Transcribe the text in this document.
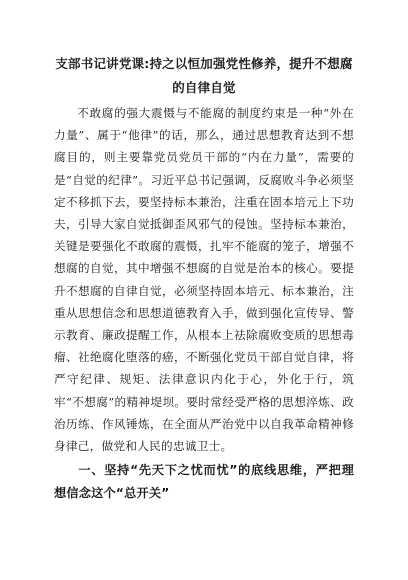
支部书记讲党课:持之以恒加强党性修养，提升不想腐的自律自觉

不敢腐的强大震慑与不能腐的制度约束是一种“外在力量”、属于“他律”的话，那么，通过思想教育达到不想腐目的，则主要靠党员党员干部的“内在力量”，需要的是“自觉的纪律”。习近平总书记强调，反腐败斗争必须坚定不移抓下去，要坚持标本兼治，注重在固本培元上下功夫，引导大家自觉抵御歪风邪气的侵蚀。坚持标本兼治，关键是要强化不敢腐的震慑，扎牢不能腐的笼子，增强不想腐的自觉，其中增强不想腐的自觉是治本的核心。要提升不想腐的自律自觉，必须坚持固本培元、标本兼治，注重从思想信念和思想道德教育入手，做到强化宣传导、警示教育、廉政提醒工作，从根本上祛除腐败变质的思想毒瘤、社绝腐化堕落的癌，不断强化党员干部自觉自律，将严守纪律、规矩、法律意识内化于心，外化于行，筑牢“不想腐”的精神堤坝。要时常经受严格的思想淬炼、政治历练、作风锤炼，在全面从严治党中以自我革命精神修身律己，做党和人民的忠诚卫士。

一、坚持“先天下之忧而忧”的底线思维，严把理想信念这个“总开关”
